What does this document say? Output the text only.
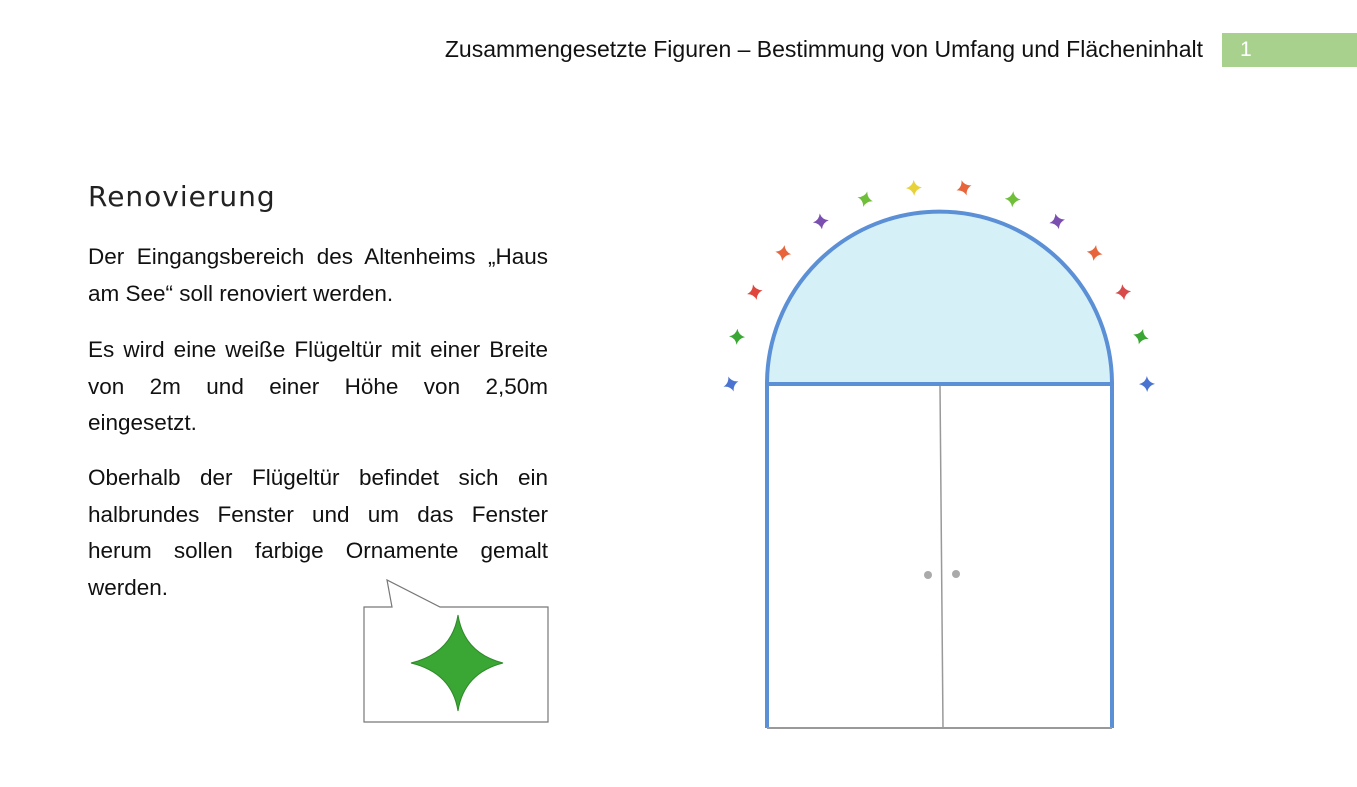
Zusammengesetzte Figuren – Bestimmung von Umfang und Flächeninhalt	1
Renovierung

Der Eingangsbereich des Altenheims „Haus am See“ soll renoviert werden.

Es wird eine weiße Flügeltür mit einer Breite von 2m und einer Höhe von 2,50m eingesetzt.

Oberhalb der Flügeltür befindet sich ein halbrundes Fenster und um das Fenster herum sollen farbige Ornamente gemalt werden.
